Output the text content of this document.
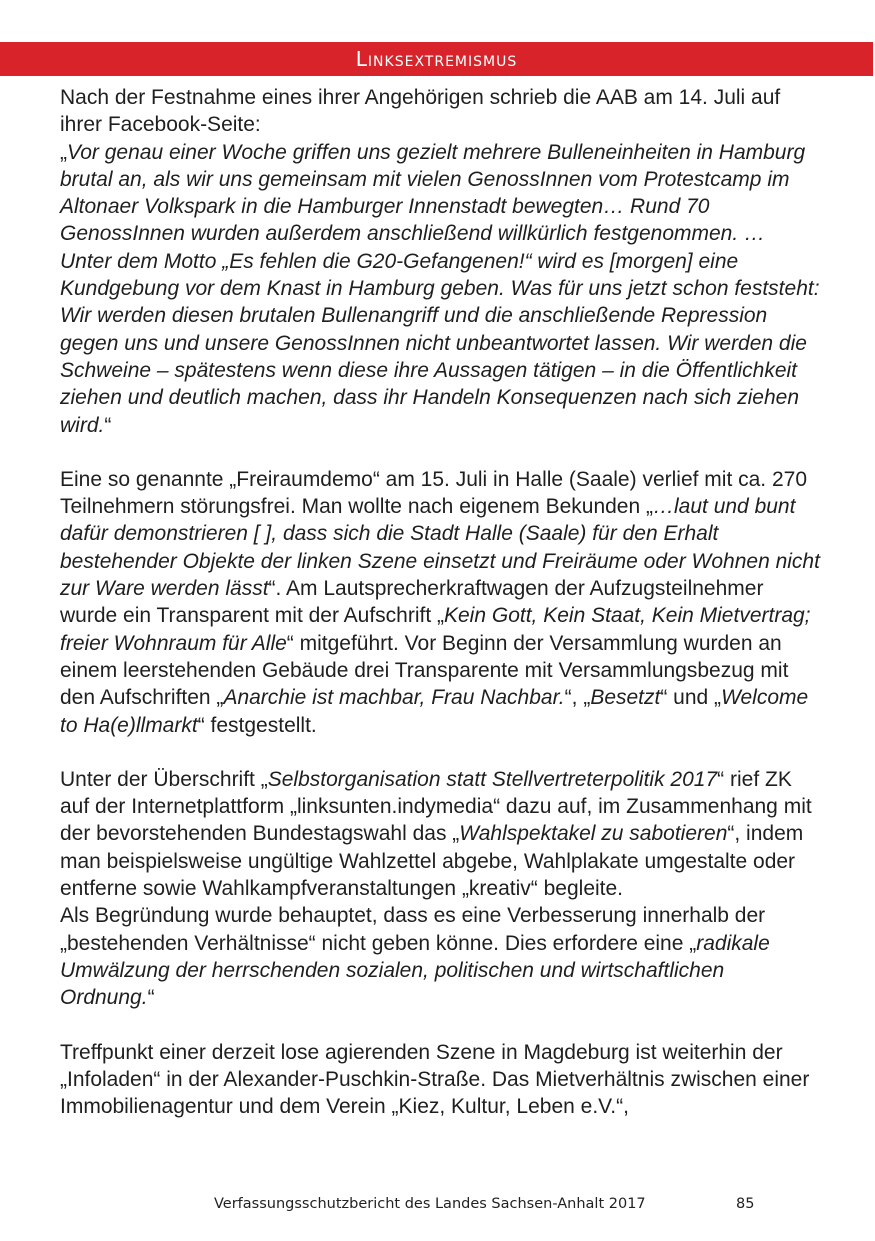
Linksextremismus

Nach der Festnahme eines ihrer Angehörigen schrieb die AAB am 14. Juli auf ihrer Facebook-Seite:
„Vor genau einer Woche griffen uns gezielt mehrere Bulleneinheiten in Hamburg brutal an, als wir uns gemeinsam mit vielen GenossInnen vom Protestcamp im Altonaer Volkspark in die Hamburger Innenstadt bewegten… Rund 70 GenossInnen wurden außerdem anschließend willkürlich festgenommen. … Unter dem Motto „Es fehlen die G20-Gefangenen!“ wird es [morgen] eine Kundgebung vor dem Knast in Hamburg geben. Was für uns jetzt schon feststeht: Wir werden diesen brutalen Bullenangriff und die anschließende Repression gegen uns und unsere GenossInnen nicht unbeantwortet lassen. Wir werden die Schweine – spätestens wenn diese ihre Aussagen tätigen – in die Öffentlichkeit ziehen und deutlich machen, dass ihr Handeln Konsequenzen nach sich ziehen wird.“

Eine so genannte „Freiraumdemo“ am 15. Juli in Halle (Saale) verlief mit ca. 270 Teilnehmern störungsfrei. Man wollte nach eigenem Bekunden „…laut und bunt dafür demonstrieren [ ], dass sich die Stadt Halle (Saale) für den Erhalt bestehender Objekte der linken Szene einsetzt und Freiräume oder Wohnen nicht zur Ware werden lässt“. Am Lautsprecherkraftwagen der Aufzugsteilnehmer wurde ein Transparent mit der Aufschrift „Kein Gott, Kein Staat, Kein Mietvertrag; freier Wohnraum für Alle“ mitgeführt. Vor Beginn der Versammlung wurden an einem leerstehenden Gebäude drei Transparente mit Versammlungsbezug mit den Aufschriften „Anarchie ist machbar, Frau Nachbar.“, „Besetzt“ und „Welcome to Ha(e)llmarkt“ festgestellt.

Unter der Überschrift „Selbstorganisation statt Stellvertreterpolitik 2017“ rief ZK auf der Internetplattform „linksunten.indymedia“ dazu auf, im Zusammenhang mit der bevorstehenden Bundestagswahl das „Wahlspektakel zu sabotieren“, indem man beispielsweise ungültige Wahlzettel abgebe, Wahlplakate umgestalte oder entferne sowie Wahlkampfveranstaltungen „kreativ“ begleite.

Als Begründung wurde behauptet, dass es eine Verbesserung innerhalb der „bestehenden Verhältnisse“ nicht geben könne. Dies erfordere eine „radikale Umwälzung der herrschenden sozialen, politischen und wirtschaftlichen Ordnung.“

Treffpunkt einer derzeit lose agierenden Szene in Magdeburg ist weiterhin der „Infoladen“ in der Alexander-Puschkin-Straße. Das Mietverhältnis zwischen einer Immobilienagentur und dem Verein „Kiez, Kultur, Leben e.V.“,

Verfassungsschutzbericht des Landes Sachsen-Anhalt 2017	85
